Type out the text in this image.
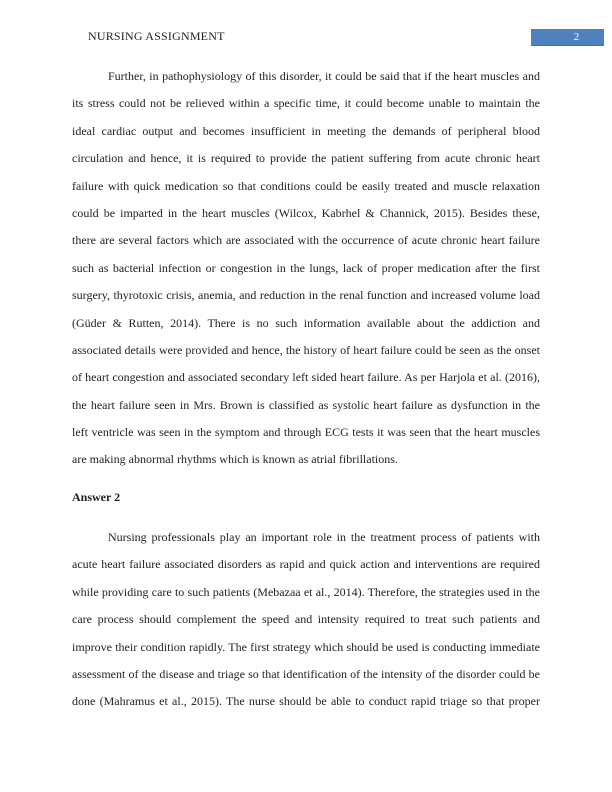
NURSING ASSIGNMENT	2
Further, in pathophysiology of this disorder, it could be said that if the heart muscles and
its stress could not be relieved within a specific time, it could become unable to maintain the
ideal cardiac output and becomes insufficient in meeting the demands of peripheral blood
circulation and hence, it is required to provide the patient suffering from acute chronic heart
failure with quick medication so that conditions could be easily treated and muscle relaxation
could be imparted in the heart muscles (Wilcox, Kabrhel & Channick, 2015). Besides these,
there are several factors which are associated with the occurrence of acute chronic heart failure
such as bacterial infection or congestion in the lungs, lack of proper medication after the first
surgery, thyrotoxic crisis, anemia, and reduction in the renal function and increased volume load
(Güder & Rutten, 2014). There is no such information available about the addiction and
associated details were provided and hence, the history of heart failure could be seen as the onset
of heart congestion and associated secondary left sided heart failure. As per Harjola et al. (2016),
the heart failure seen in Mrs. Brown is classified as systolic heart failure as dysfunction in the
left ventricle was seen in the symptom and through ECG tests it was seen that the heart muscles
are making abnormal rhythms which is known as atrial fibrillations.
Answer 2
Nursing professionals play an important role in the treatment process of patients with
acute heart failure associated disorders as rapid and quick action and interventions are required
while providing care to such patients (Mebazaa et al., 2014). Therefore, the strategies used in the
care process should complement the speed and intensity required to treat such patients and
improve their condition rapidly. The first strategy which should be used is conducting immediate
assessment of the disease and triage so that identification of the intensity of the disorder could be
done (Mahramus et al., 2015). The nurse should be able to conduct rapid triage so that proper
